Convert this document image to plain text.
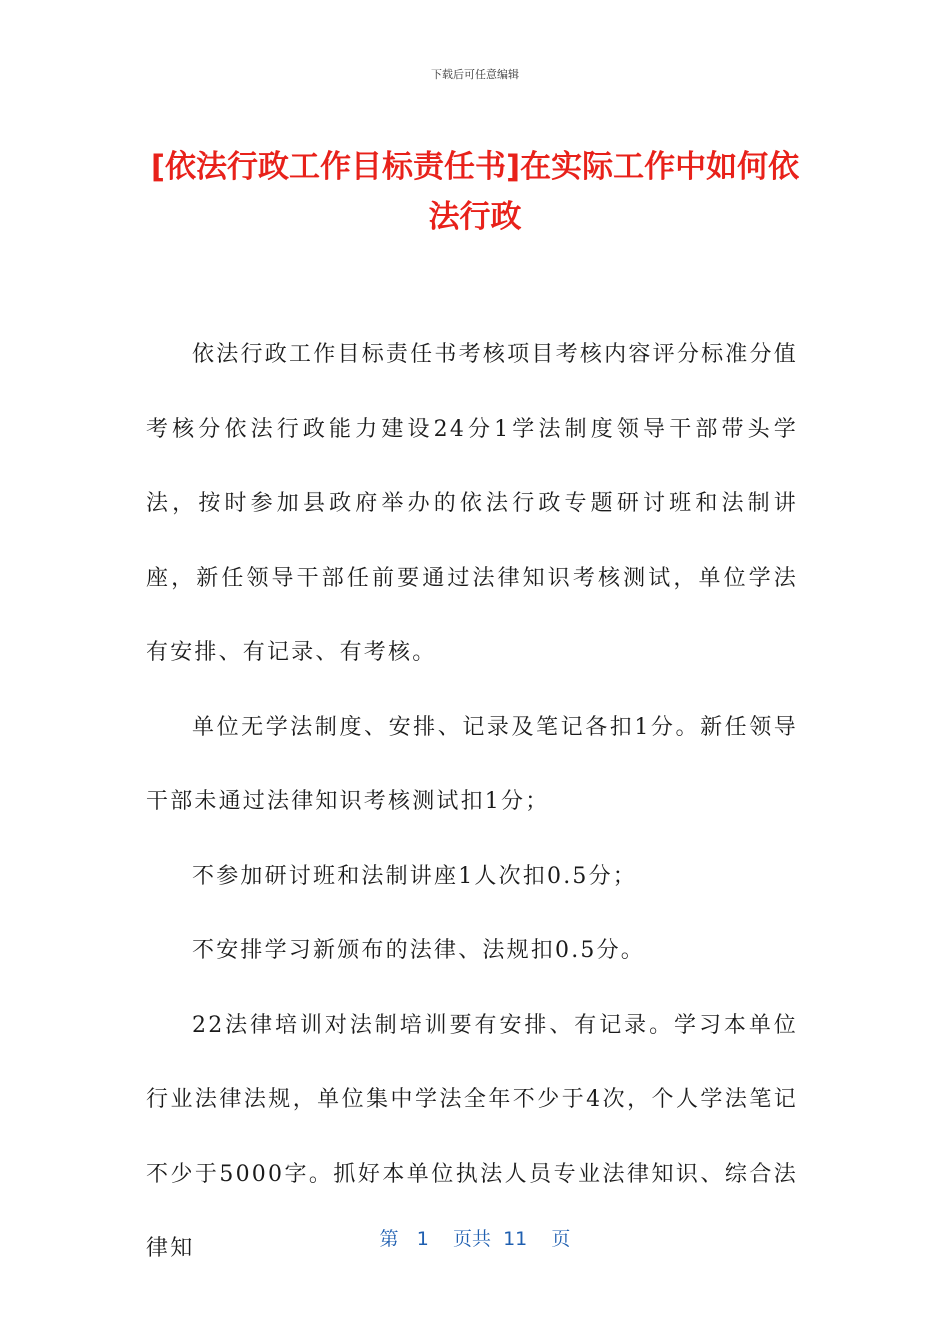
下载后可任意编辑
[依法行政工作目标责任书]在实际工作中如何依法行政

依法行政工作目标责任书考核项目考核内容评分标准分值考核分依法行政能力建设24分1学法制度领导干部带头学法，按时参加县政府举办的依法行政专题研讨班和法制讲座，新任领导干部任前要通过法律知识考核测试，单位学法有安排、有记录、有考核。

单位无学法制度、安排、记录及笔记各扣1分。新任领导干部未通过法律知识考核测试扣1分；

不参加研讨班和法制讲座1人次扣0.5分；

不安排学习新颁布的法律、法规扣0.5分。

22法律培训对法制培训要有安排、有记录。学习本单位行业法律法规，单位集中学法全年不少于4次，个人学法笔记不少于5000字。抓好本单位执法人员专业法律知识、综合法律知	第 1 页共 11 页
